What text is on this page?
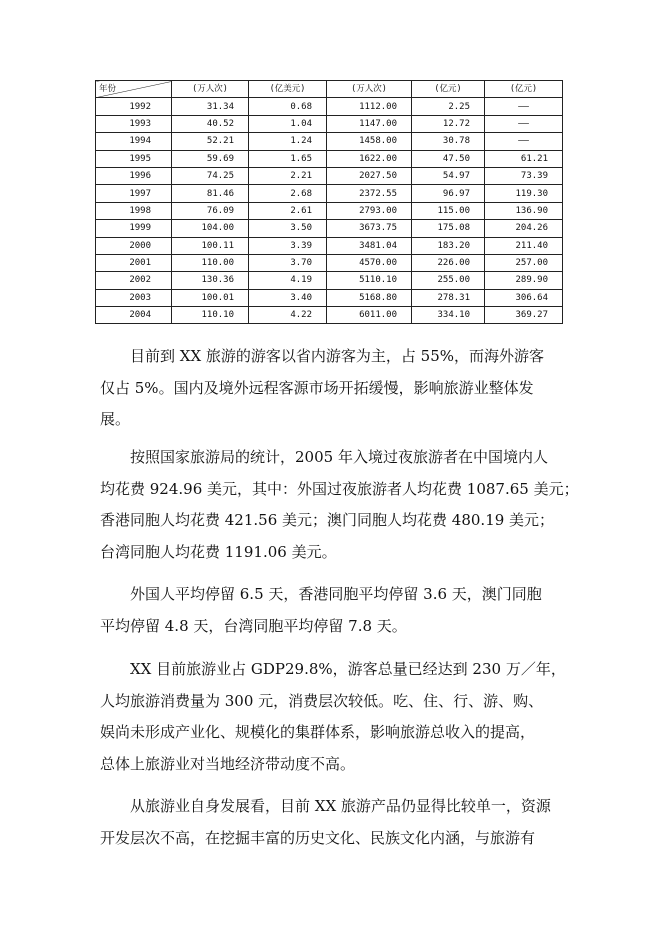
年份	(万人次)	(亿美元)	(万人次)	(亿元)	(亿元)
1992	31.34	0.68	1112.00	2.25	——
1993	40.52	1.04	1147.00	12.72	——
1994	52.21	1.24	1458.00	30.78	——
1995	59.69	1.65	1622.00	47.50	61.21
1996	74.25	2.21	2027.50	54.97	73.39
1997	81.46	2.68	2372.55	96.97	119.30
1998	76.09	2.61	2793.00	115.00	136.90
1999	104.00	3.50	3673.75	175.08	204.26
2000	100.11	3.39	3481.04	183.20	211.40
2001	110.00	3.70	4570.00	226.00	257.00
2002	130.36	4.19	5110.10	255.00	289.90
2003	100.01	3.40	5168.80	278.31	306.64
2004	110.10	4.22	6011.00	334.10	369.27
目前到 XX 旅游的游客以省内游客为主，占 55%，而海外游客
仅占 5%。国内及境外远程客源市场开拓缓慢，影响旅游业整体发
展。
按照国家旅游局的统计，2005 年入境过夜旅游者在中国境内人
均花费 924.96 美元，其中：外国过夜旅游者人均花费 1087.65 美元；
香港同胞人均花费 421.56 美元；澳门同胞人均花费 480.19 美元；
台湾同胞人均花费 1191.06 美元。
外国人平均停留 6.5 天，香港同胞平均停留 3.6 天，澳门同胞
平均停留 4.8 天，台湾同胞平均停留 7.8 天。
XX 目前旅游业占 GDP29.8%，游客总量已经达到 230 万／年，
人均旅游消费量为 300 元，消费层次较低。吃、住、行、游、购、
娱尚未形成产业化、规模化的集群体系，影响旅游总收入的提高，
总体上旅游业对当地经济带动度不高。
从旅游业自身发展看，目前 XX 旅游产品仍显得比较单一，资源
开发层次不高，在挖掘丰富的历史文化、民族文化内涵，与旅游有
